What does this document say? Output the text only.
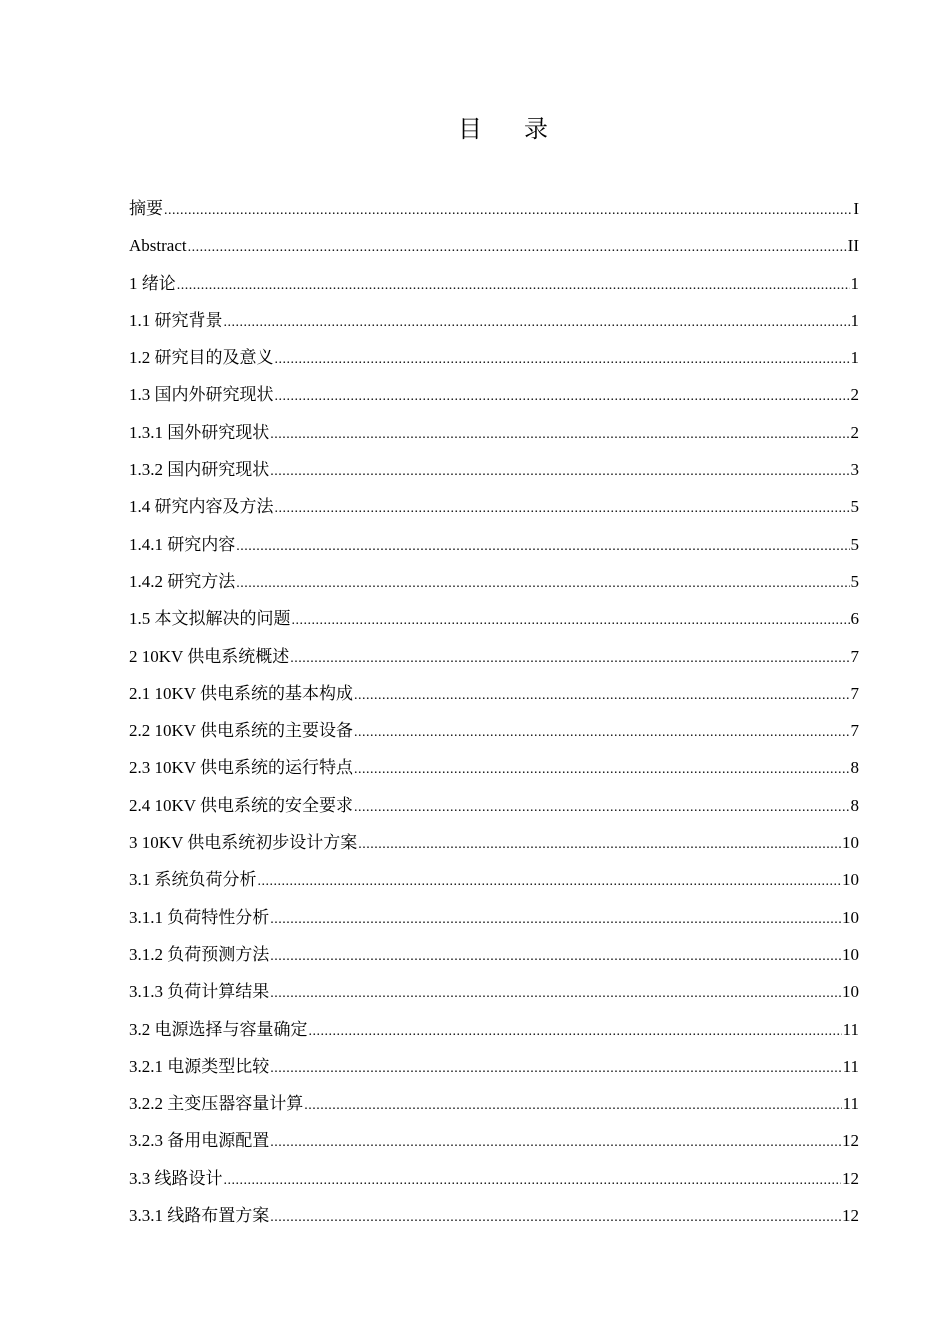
目 录
摘要 .....	I
Abstract .....	II
1 绪论 .....	1
1.1 研究背景 .....	1
1.2 研究目的及意义 .....	1
1.3 国内外研究现状 .....	2
1.3.1 国外研究现状 .....	2
1.3.2 国内研究现状 .....	3
1.4 研究内容及方法 .....	5
1.4.1 研究内容 .....	5
1.4.2 研究方法 .....	5
1.5 本文拟解决的问题 .....	6
2 10KV 供电系统概述 .....	7
2.1 10KV 供电系统的基本构成 .....	7
2.2 10KV 供电系统的主要设备 .....	7
2.3 10KV 供电系统的运行特点 .....	8
2.4 10KV 供电系统的安全要求 .....	8
3 10KV 供电系统初步设计方案 .....	10
3.1 系统负荷分析 .....	10
3.1.1 负荷特性分析 .....	10
3.1.2 负荷预测方法 .....	10
3.1.3 负荷计算结果 .....	10
3.2 电源选择与容量确定 .....	11
3.2.1 电源类型比较 .....	11
3.2.2 主变压器容量计算 .....	11
3.2.3 备用电源配置 .....	12
3.3 线路设计 .....	12
3.3.1 线路布置方案 .....	12
